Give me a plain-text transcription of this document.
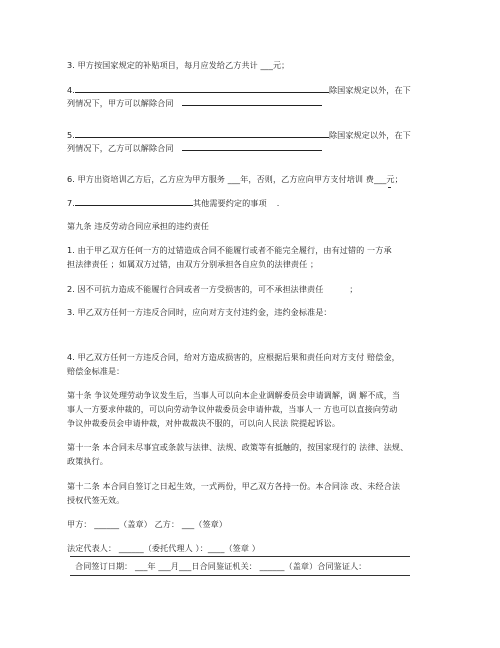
3. 甲方按国家规定的补贴项目，每月应发给乙方共计 ___元；
4.	除国家规定以外，在下
列情况下，甲方可以解除合同
5.	除国家规定以外，在下
列情况下，乙方可以解除合同
6. 甲方出资培训乙方后，乙方应为甲方服务 ___年，否则，乙方应向甲方支付培训 费___元；
7.	其他需要约定的事项 .
第九条 违反劳动合同应承担的违约责任
1. 由于甲乙双方任何一方的过错造成合同不能履行或者不能完全履行，由有过错的 一方承
担法律责任 ；如属双方过错，由双方分别承担各自应负的法律责任 ；
2. 因不可抗力造成不能履行合同或者一方受损害的，可不承担法律责任	；
3. 甲乙双方任何一方违反合同时，应向对方支付违约金，违约金标准是：
4. 甲乙双方任何一方违反合同，给对方造成损害的，应根据后果和责任向对方支付 赔偿金，
赔偿金标准是：
第十条 争议处理劳动争议发生后，当事人可以向本企业调解委员会申请调解，调 解不成，当
事人一方要求仲裁的，可以向劳动争议仲裁委员会申请仲裁，当事人一 方也可以直接向劳动
争议仲裁委员会申请仲裁，对仲裁裁决不服的，可以向人民法 院提起诉讼。
第十一条 本合同未尽事宜或条款与法律、法规、政策等有抵触的，按国家现行的 法律、法规、
政策执行。
第十二条 本合同自签订之日起生效，一式两份，甲乙双方各持一份。本合同涂 改、未经合法
授权代签无效。
甲方： ______（盖章） 乙方： ___（签章）
法定代表人： ______（委托代理人 ）：____（签章 ）
合同签订日期： ___年 ___月___日合同鉴证机关： ______（盖章）合同鉴证人：
